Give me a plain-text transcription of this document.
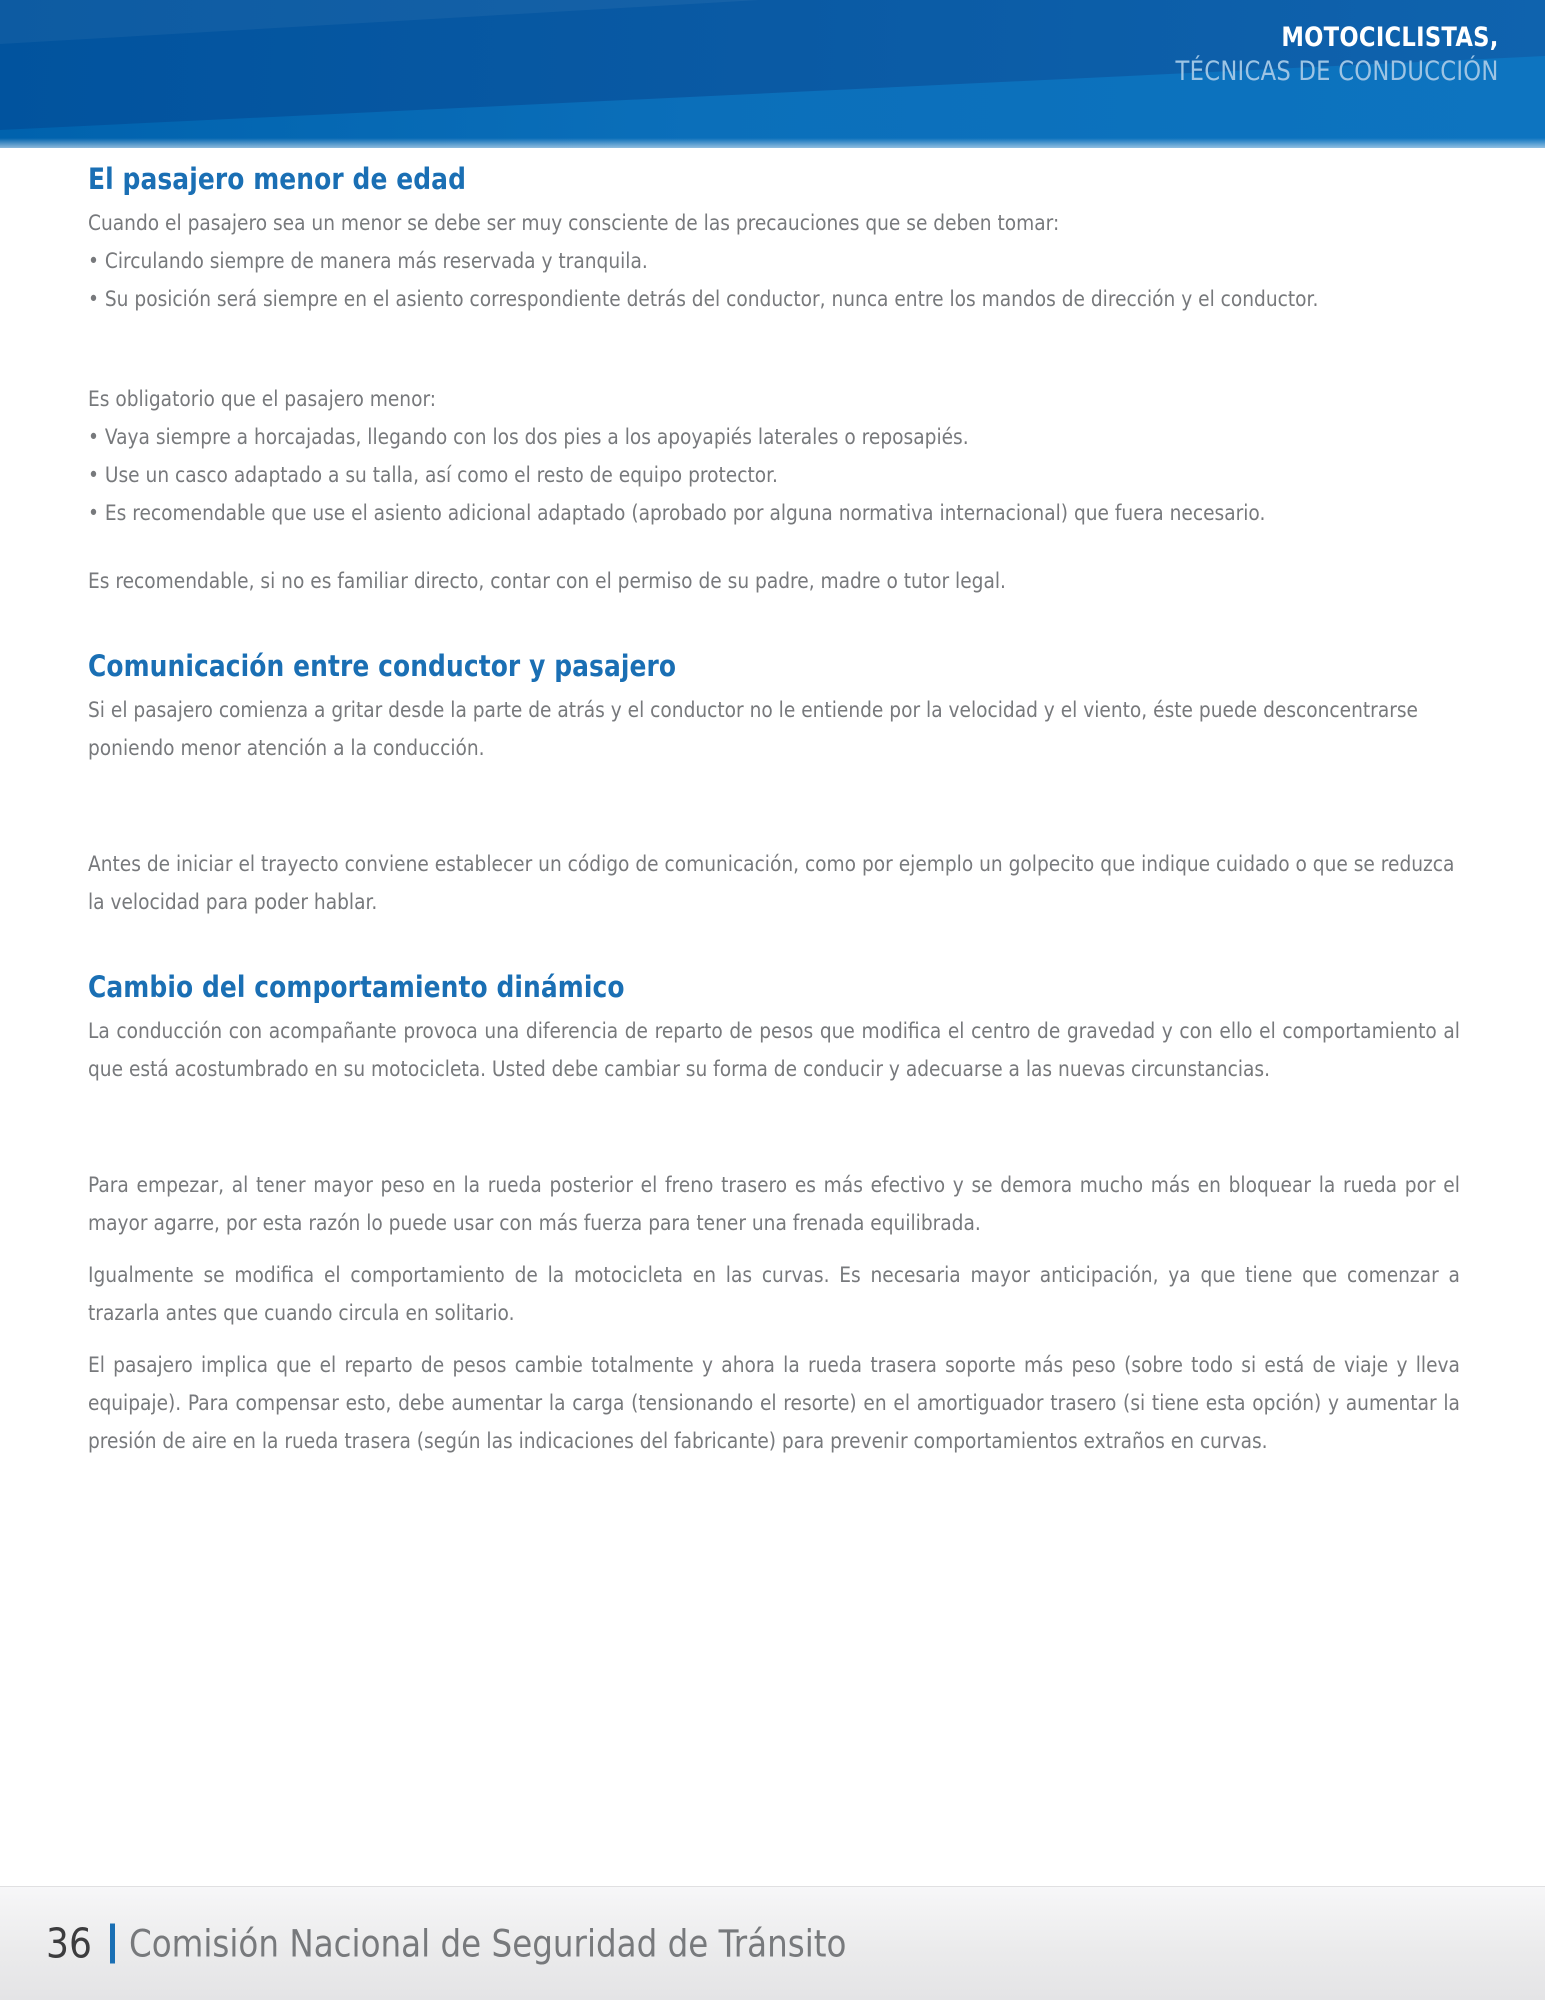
MOTOCICLISTAS,
TÉCNICAS DE CONDUCCIÓN
El pasajero menor de edad

Cuando el pasajero sea un menor se debe ser muy consciente de las precauciones que se deben tomar:

• Circulando siempre de manera más reservada y tranquila.

• Su posición será siempre en el asiento correspondiente detrás del conductor, nunca entre los mandos de dirección y el conductor.

Es obligatorio que el pasajero menor:

• Vaya siempre a horcajadas, llegando con los dos pies a los apoyapiés laterales o reposapiés.

• Use un casco adaptado a su talla, así como el resto de equipo protector.

• Es recomendable que use el asiento adicional adaptado (aprobado por alguna normativa internacional) que fuera necesario.

Es recomendable, si no es familiar directo, contar con el permiso de su padre, madre o tutor legal.

Comunicación entre conductor y pasajero

Si el pasajero comienza a gritar desde la parte de atrás y el conductor no le entiende por la velocidad y el viento, éste puede desconcentrarse poniendo menor atención a la conducción.

Antes de iniciar el trayecto conviene establecer un código de comunicación, como por ejemplo un golpecito que indique cuidado o que se reduzca la velocidad para poder hablar.

Cambio del comportamiento dinámico

La conducción con acompañante provoca una diferencia de reparto de pesos que modifica el centro de gravedad y con ello el comportamiento al que está acostumbrado en su motocicleta. Usted debe cambiar su forma de conducir y adecuarse a las nuevas circunstancias.

Para empezar, al tener mayor peso en la rueda posterior el freno trasero es más efectivo y se demora mucho más en bloquear la rueda por el mayor agarre, por esta razón lo puede usar con más fuerza para tener una frenada equilibrada.

Igualmente se modifica el comportamiento de la motocicleta en las curvas. Es necesaria mayor anticipación, ya que tiene que comenzar a trazarla antes que cuando circula en solitario.

El pasajero implica que el reparto de pesos cambie totalmente y ahora la rueda trasera soporte más peso (sobre todo si está de viaje y lleva equipaje). Para compensar esto, debe aumentar la carga (tensionando el resorte) en el amortiguador trasero (si tiene esta opción) y aumentar la presión de aire en la rueda trasera (según las indicaciones del fabricante) para prevenir comportamientos extraños en curvas.

36 Comisión Nacional de Seguridad de Tránsito
